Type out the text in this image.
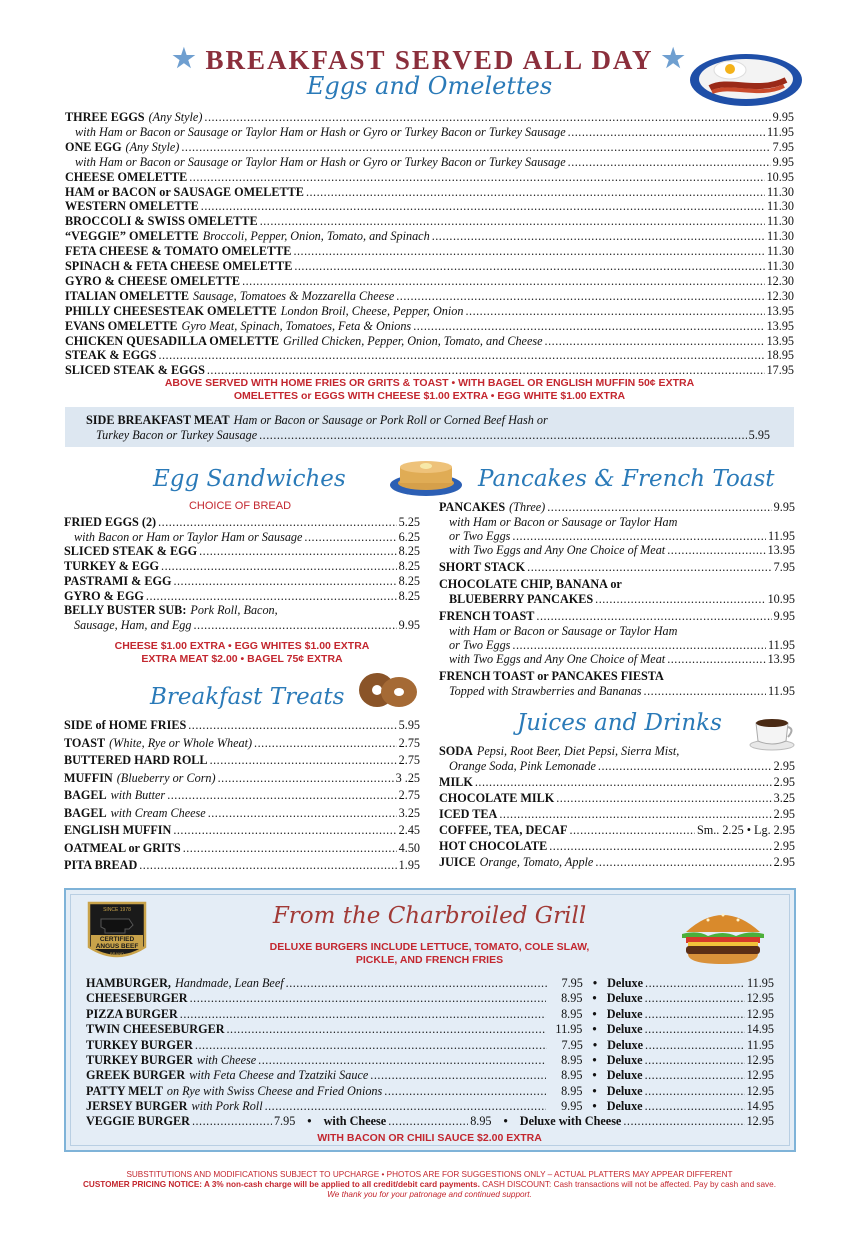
★ BREAKFAST SERVED ALL DAY ★
Eggs and Omelettes
THREE EGGS (Any Style) .....	9.95
with Ham or Bacon or Sausage or Taylor Ham or Hash or Gyro or Turkey Bacon or Turkey Sausage .....	11.95
ONE EGG (Any Style) .....	7.95
with Ham or Bacon or Sausage or Taylor Ham or Hash or Gyro or Turkey Bacon or Turkey Sausage .....	9.95
CHEESE OMELETTE .....	10.95
HAM or BACON or SAUSAGE OMELETTE .....	11.30
WESTERN OMELETTE .....	11.30
BROCCOLI & SWISS OMELETTE .....	11.30
“VEGGIE” OMELETTE Broccoli, Pepper, Onion, Tomato, and Spinach .....	11.30
FETA CHEESE & TOMATO OMELETTE .....	11.30
SPINACH & FETA CHEESE OMELETTE .....	11.30
GYRO & CHEESE OMELETTE .....	12.30
ITALIAN OMELETTE Sausage, Tomatoes & Mozzarella Cheese .....	12.30
PHILLY CHEESESTEAK OMELETTE London Broil, Cheese, Pepper, Onion .....	13.95
EVANS OMELETTE Gyro Meat, Spinach, Tomatoes, Feta & Onions .....	13.95
CHICKEN QUESADILLA OMELETTE Grilled Chicken, Pepper, Onion, Tomato, and Cheese .....	13.95
STEAK & EGGS .....	18.95
SLICED STEAK & EGGS .....	17.95
ABOVE SERVED WITH HOME FRIES OR GRITS & TOAST • WITH BAGEL OR ENGLISH MUFFIN 50¢ EXTRA
OMELETTES or EGGS WITH CHEESE $1.00 EXTRA • EGG WHITE $1.00 EXTRA
SIDE BREAKFAST MEAT Ham or Bacon or Sausage or Pork Roll or Corned Beef Hash or
Turkey Bacon or Turkey Sausage .....	5.95
Egg Sandwiches
CHOICE OF BREAD
FRIED EGGS (2) .....	5.25
with Bacon or Ham or Taylor Ham or Sausage .....	6.25
SLICED STEAK & EGG .....	8.25
TURKEY & EGG .....	8.25
PASTRAMI & EGG .....	8.25
GYRO & EGG .....	8.25
BELLY BUSTER SUB: Pork Roll, Bacon,
Sausage, Ham, and Egg .....	9.95
CHEESE $1.00 EXTRA • EGG WHITES $1.00 EXTRA
EXTRA MEAT $2.00 • BAGEL 75¢ EXTRA
Breakfast Treats
SIDE of HOME FRIES .....	5.95
TOAST (White, Rye or Whole Wheat) .....	2.75
BUTTERED HARD ROLL .....	2.75
MUFFIN (Blueberry or Corn) .....	3 .25
BAGEL with Butter .....	2.75
BAGEL with Cream Cheese .....	3.25
ENGLISH MUFFIN .....	2.45
OATMEAL or GRITS .....	4.50
PITA BREAD .....	1.95
Pancakes & French Toast
PANCAKES (Three) .....	9.95
with Ham or Bacon or Sausage or Taylor Ham
or Two Eggs .....	11.95
with Two Eggs and Any One Choice of Meat .....	13.95
SHORT STACK .....	7.95
CHOCOLATE CHIP, BANANA or
BLUEBERRY PANCAKES .....	10.95
FRENCH TOAST .....	9.95
with Ham or Bacon or Sausage or Taylor Ham
or Two Eggs .....	11.95
with Two Eggs and Any One Choice of Meat .....	13.95
FRENCH TOAST or PANCAKES FIESTA
Topped with Strawberries and Bananas .....	11.95
Juices and Drinks
SODA Pepsi, Root Beer, Diet Pepsi, Sierra Mist,
Orange Soda, Pink Lemonade .....	2.95
MILK .....	2.95
CHOCOLATE MILK .....	3.25
ICED TEA .....	2.95
COFFEE, TEA, DECAF .....	Sm.. 2.25 • Lg. 2.95
HOT CHOCOLATE .....	2.95
JUICE Orange, Tomato, Apple .....	2.95
SINCE 1978
CERTIFIED
ANGUS BEEF
BRAND
From the Charbroiled Grill
DELUXE BURGERS INCLUDE LETTUCE, TOMATO, COLE SLAW,
PICKLE, AND FRENCH FRIES
HAMBURGER, Handmade, Lean Beef .....	7.95 • Deluxe .....	11.95
CHEESEBURGER .....	8.95 • Deluxe .....	12.95
PIZZA BURGER .....	8.95 • Deluxe .....	12.95
TWIN CHEESEBURGER .....	11.95 • Deluxe .....	14.95
TURKEY BURGER .....	7.95 • Deluxe .....	11.95
TURKEY BURGER with Cheese .....	8.95 • Deluxe .....	12.95
GREEK BURGER with Feta Cheese and Tzatziki Sauce .....	8.95 • Deluxe .....	12.95
PATTY MELT on Rye with Swiss Cheese and Fried Onions .....	8.95 • Deluxe .....	12.95
JERSEY BURGER with Pork Roll .....	9.95 • Deluxe .....	14.95
VEGGIE BURGER .....	7.95 • with Cheese .....	8.95 • Deluxe with Cheese .....	12.95
WITH BACON OR CHILI SAUCE $2.00 EXTRA
SUBSTITUTIONS AND MODIFICATIONS SUBJECT TO UPCHARGE • PHOTOS ARE FOR SUGGESTIONS ONLY – ACTUAL PLATTERS MAY APPEAR DIFFERENT
CUSTOMER PRICING NOTICE: A 3% non-cash charge will be applied to all credit/debit card payments. CASH DISCOUNT: Cash transactions will not be affected. Pay by cash and save.
We thank you for your patronage and continued support.
